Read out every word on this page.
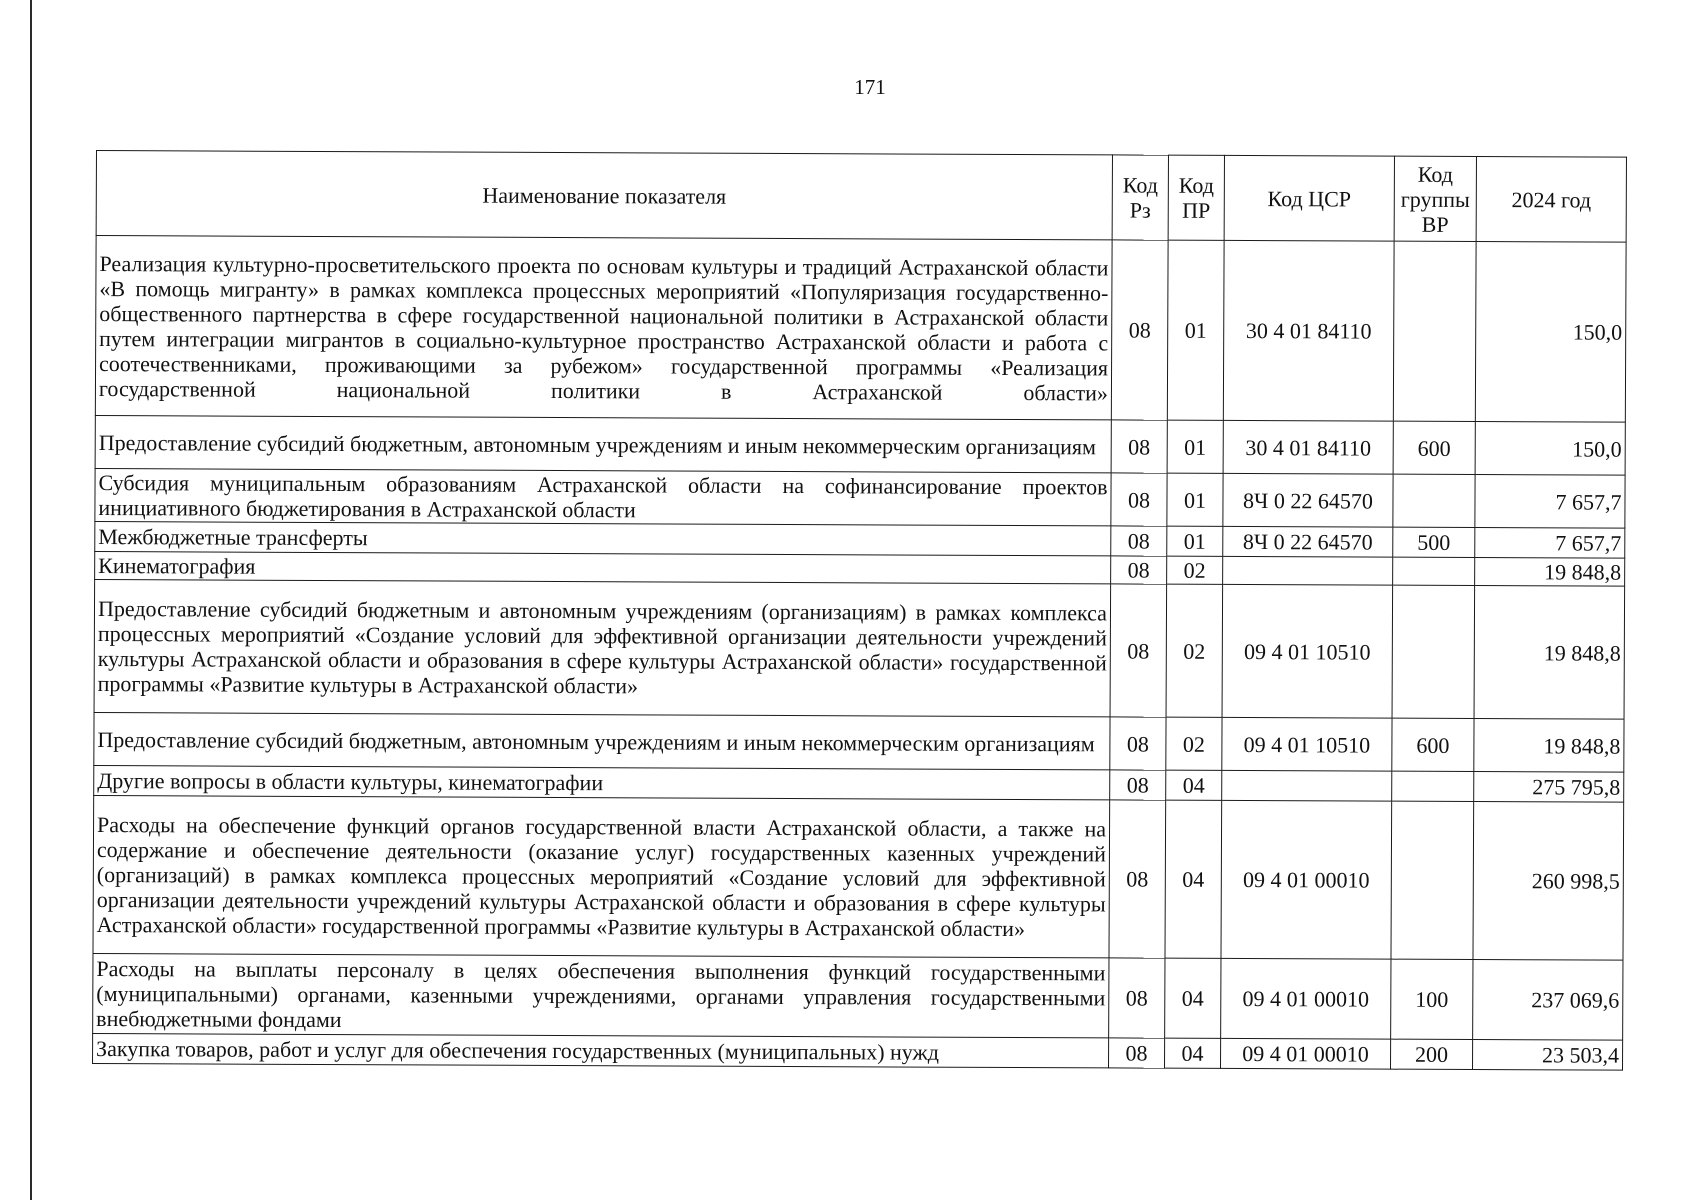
171
Наименование показателя	Код Рз	Код ПР	Код ЦСР	Код группы ВР	2024 год
Реализация культурно-просветительского проекта по основам культуры и традиций Астраханской области «В помощь мигранту» в рамках комплекса процессных мероприятий «Популяризация государственно-общественного партнерства в сфере государственной национальной политики в Астраханской области путем интеграции мигрантов в социально-культурное пространство Астраханской области и работа с соотечественниками, проживающими за рубежом» государственной программы «Реализация государственной национальной политики в Астраханской области»	08	01	30 4 01 84110		150,0
Предоставление субсидий бюджетным, автономным учреждениям и иным некоммерческим организациям	08	01	30 4 01 84110	600	150,0
Субсидия муниципальным образованиям Астраханской области на софинансирование проектов инициативного бюджетирования в Астраханской области	08	01	8Ч 0 22 64570		7 657,7
Межбюджетные трансферты	08	01	8Ч 0 22 64570	500	7 657,7
Кинематография	08	02			19 848,8
Предоставление субсидий бюджетным и автономным учреждениям (организациям) в рамках комплекса процессных мероприятий «Создание условий для эффективной организации деятельности учреждений культуры Астраханской области и образования в сфере культуры Астраханской области» государственной программы «Развитие культуры в Астраханской области»	08	02	09 4 01 10510		19 848,8
Предоставление субсидий бюджетным, автономным учреждениям и иным некоммерческим организациям	08	02	09 4 01 10510	600	19 848,8
Другие вопросы в области культуры, кинематографии	08	04			275 795,8
Расходы на обеспечение функций органов государственной власти Астраханской области, а также на содержание и обеспечение деятельности (оказание услуг) государственных казенных учреждений (организаций) в рамках комплекса процессных мероприятий «Создание условий для эффективной организации деятельности учреждений культуры Астраханской области и образования в сфере культуры Астраханской области» государственной программы «Развитие культуры в Астраханской области»	08	04	09 4 01 00010		260 998,5
Расходы на выплаты персоналу в целях обеспечения выполнения функций государственными (муниципальными) органами, казенными учреждениями, органами управления государственными внебюджетными фондами	08	04	09 4 01 00010	100	237 069,6
Закупка товаров, работ и услуг для обеспечения государственных (муниципальных) нужд	08	04	09 4 01 00010	200	23 503,4
